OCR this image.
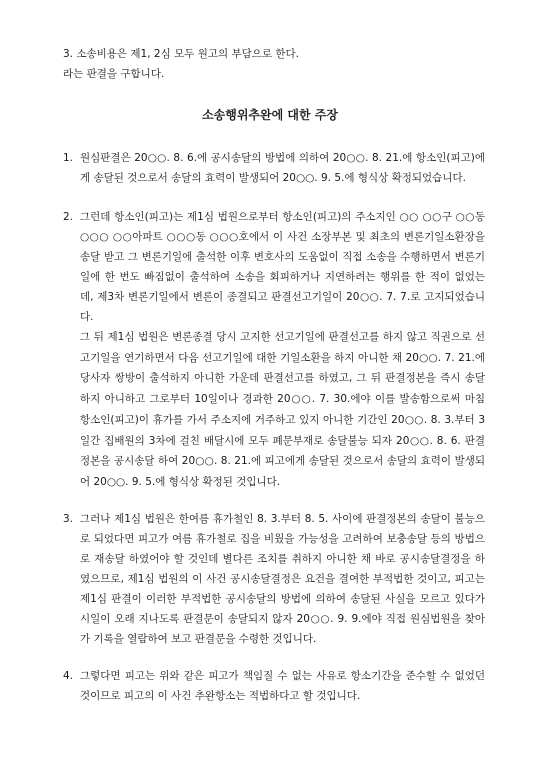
3. 소송비용은 제1, 2심 모두 원고의 부담으로 한다.

라는 판결을 구합니다.

소송행위추완에 대한 주장
1. 원심판결은 20○○. 8. 6.에 공시송달의 방법에 의하여 20○○. 8. 21.에 항소인(피고)에게 송달된 것으로서 송달의 효력이 발생되어 20○○. 9. 5.에 형식상 확정되었습니다.

2. 그런데 항소인(피고)는 제1심 법원으로부터 항소인(피고)의 주소지인 ○○ ○○구 ○○동 ○○○ ○○아파트 ○○○동 ○○○호에서 이 사건 소장부본 및 최초의 변론기일소환장을 송달 받고 그 변론기일에 출석한 이후 변호사의 도움없이 직접 소송을 수행하면서 변론기일에 한 번도 빠짐없이 출석하여 소송을 회피하거나 지연하려는 행위를 한 적이 없었는데, 제3차 변론기일에서 변론이 종결되고 판결선고기일이 20○○. 7. 7.로 고지되었습니다.

그 뒤 제1심 법원은 변론종결 당시 고지한 선고기일에 판결선고를 하지 않고 직권으로 선고기일을 연기하면서 다음 선고기일에 대한 기일소환을 하지 아니한 채 20○○. 7. 21.에 당사자 쌍방이 출석하지 아니한 가운데 판결선고를 하였고, 그 뒤 판결정본을 즉시 송달하지 아니하고 그로부터 10일이나 경과한 20○○. 7. 30.에야 이를 발송함으로써 마침 항소인(피고)이 휴가를 가서 주소지에 거주하고 있지 아니한 기간인 20○○. 8. 3.부터 3일간 집배원의 3차에 걸친 배달시에 모두 폐문부재로 송달불능 되자 20○○. 8. 6. 판결정본을 공시송달 하여 20○○. 8. 21.에 피고에게 송달된 것으로서 송달의 효력이 발생되어 20○○. 9. 5.에 형식상 확정된 것입니다.

3. 그러나 제1심 법원은 한여름 휴가철인 8. 3.부터 8. 5. 사이에 판결정본의 송달이 불능으로 되었다면 피고가 여름 휴가철로 집을 비웠을 가능성을 고려하여 보충송달 등의 방법으로 재송달 하였어야 할 것인데 별다른 조치를 취하지 아니한 채 바로 공시송달결정을 하였으므로, 제1심 법원의 이 사건 공시송달결정은 요건을 결여한 부적법한 것이고, 피고는 제1심 판결이 이러한 부적법한 공시송달의 방법에 의하여 송달된 사실을 모르고 있다가 시일이 오래 지나도록 판결문이 송달되지 않자 20○○. 9. 9.에야 직접 원심법원을 찾아가 기록을 열람하여 보고 판결문을 수령한 것입니다.

4. 그렇다면 피고는 위와 같은 피고가 책임질 수 없는 사유로 항소기간을 준수할 수 없었던 것이므로 피고의 이 사건 추완항소는 적법하다고 할 것입니다.
